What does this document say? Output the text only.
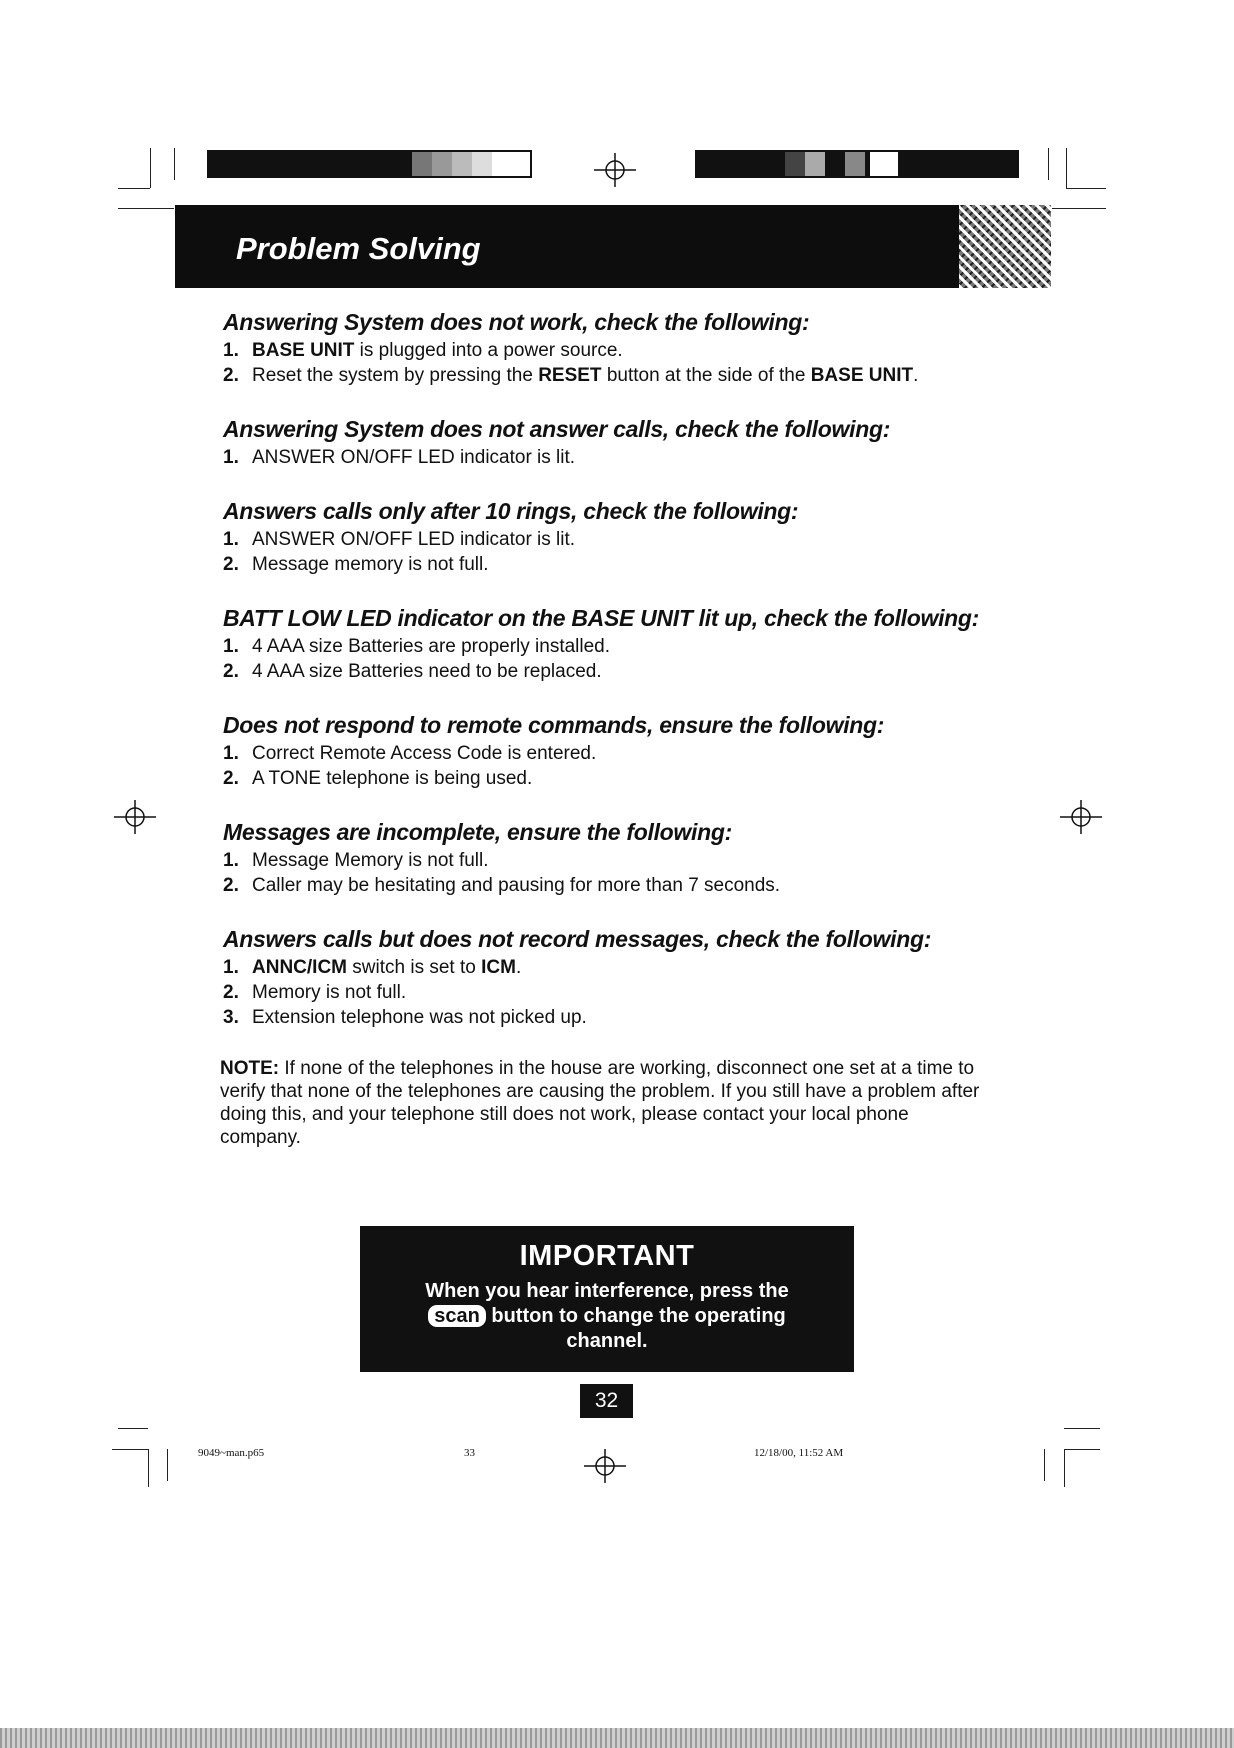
Problem Solving
Answering System does not work, check the following:
1. BASE UNIT is plugged into a power source.
2. Reset the system by pressing the RESET button at the side of the BASE UNIT.
Answering System does not answer calls, check the following:
1. ANSWER ON/OFF LED indicator is lit.
Answers calls only after 10 rings, check the following:
1. ANSWER ON/OFF LED indicator is lit.
2. Message memory is not full.
BATT LOW LED indicator on the BASE UNIT lit up, check the following:
1. 4 AAA size Batteries are properly installed.
2. 4 AAA size Batteries need to be replaced.
Does not respond to remote commands, ensure the following:
1. Correct Remote Access Code is entered.
2. A TONE telephone is being used.
Messages are incomplete, ensure the following:
1. Message Memory is not full.
2. Caller may be hesitating and pausing for more than 7 seconds.
Answers calls but does not record messages, check the following:
1. ANNC/ICM switch is set to ICM.
2. Memory is not full.
3. Extension telephone was not picked up.
NOTE: If none of the telephones in the house are working, disconnect one set at a time to verify that none of the telephones are causing the problem. If you still have a problem after doing this, and your telephone still does not work, please contact your local phone company.
IMPORTANT
When you hear interference, press the
scan button to change the operating
channel.
32
9049~man.p65	33	12/18/00, 11:52 AM
